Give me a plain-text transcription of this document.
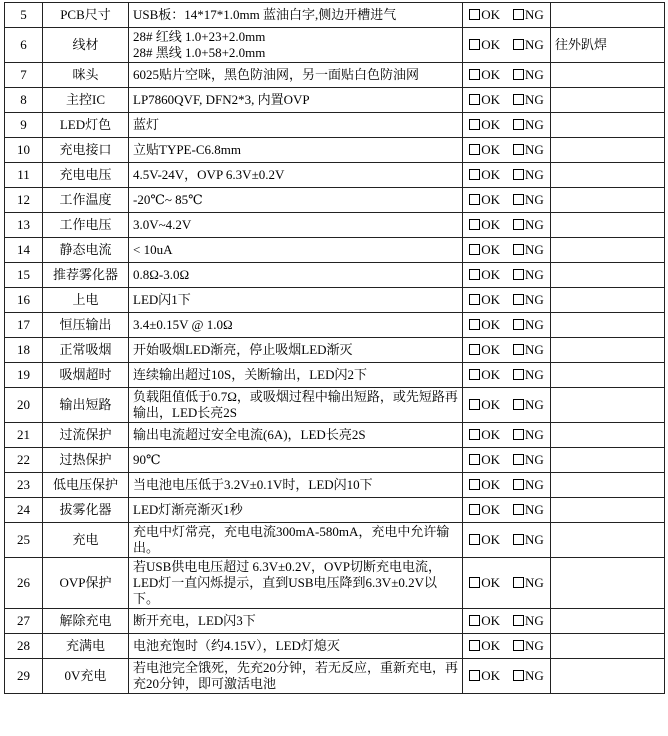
5	PCB尺寸	USB板：14*17*1.0mm 蓝油白字,侧边开槽进气	OK NG	
6	线材	28# 红线 1.0+23+2.0mm
28# 黑线 1.0+58+2.0mm	OK NG	往外趴焊
7	咪头	6025贴片空咪，黑色防油网，另一面贴白色防油网	OK NG	
8	主控IC	LP7860QVF, DFN2*3, 内置OVP	OK NG	
9	LED灯色	蓝灯	OK NG	
10	充电接口	立贴TYPE-C6.8mm	OK NG	
11	充电电压	4.5V-24V，OVP 6.3V±0.2V	OK NG	
12	工作温度	-20℃~ 85℃	OK NG	
13	工作电压	3.0V~4.2V	OK NG	
14	静态电流	< 10uA	OK NG	
15	推荐雾化器	0.8Ω-3.0Ω	OK NG	
16	上电	LED闪1下	OK NG	
17	恒压输出	3.4±0.15V @ 1.0Ω	OK NG	
18	正常吸烟	开始吸烟LED渐亮，停止吸烟LED渐灭	OK NG	
19	吸烟超时	连续输出超过10S，关断输出，LED闪2下	OK NG	
20	输出短路	负载阻值低于0.7Ω，或吸烟过程中输出短路，或先短路再输出，LED长亮2S	OK NG	
21	过流保护	输出电流超过安全电流(6A)，LED长亮2S	OK NG	
22	过热保护	90℃	OK NG	
23	低电压保护	当电池电压低于3.2V±0.1V时，LED闪10下	OK NG	
24	拔雾化器	LED灯渐亮渐灭1秒	OK NG	
25	充电	充电中灯常亮，充电电流300mA-580mA，充电中允许输出。	OK NG	
26	OVP保护	若USB供电电压超过 6.3V±0.2V，OVP切断充电电流，LED灯一直闪烁提示，直到USB电压降到6.3V±0.2V以下。	OK NG	
27	解除充电	断开充电，LED闪3下	OK NG	
28	充满电	电池充饱时（约4.15V），LED灯熄灭	OK NG	
29	0V充电	若电池完全饿死，先充20分钟，若无反应，重新充电，再充20分钟，即可激活电池	OK NG	
